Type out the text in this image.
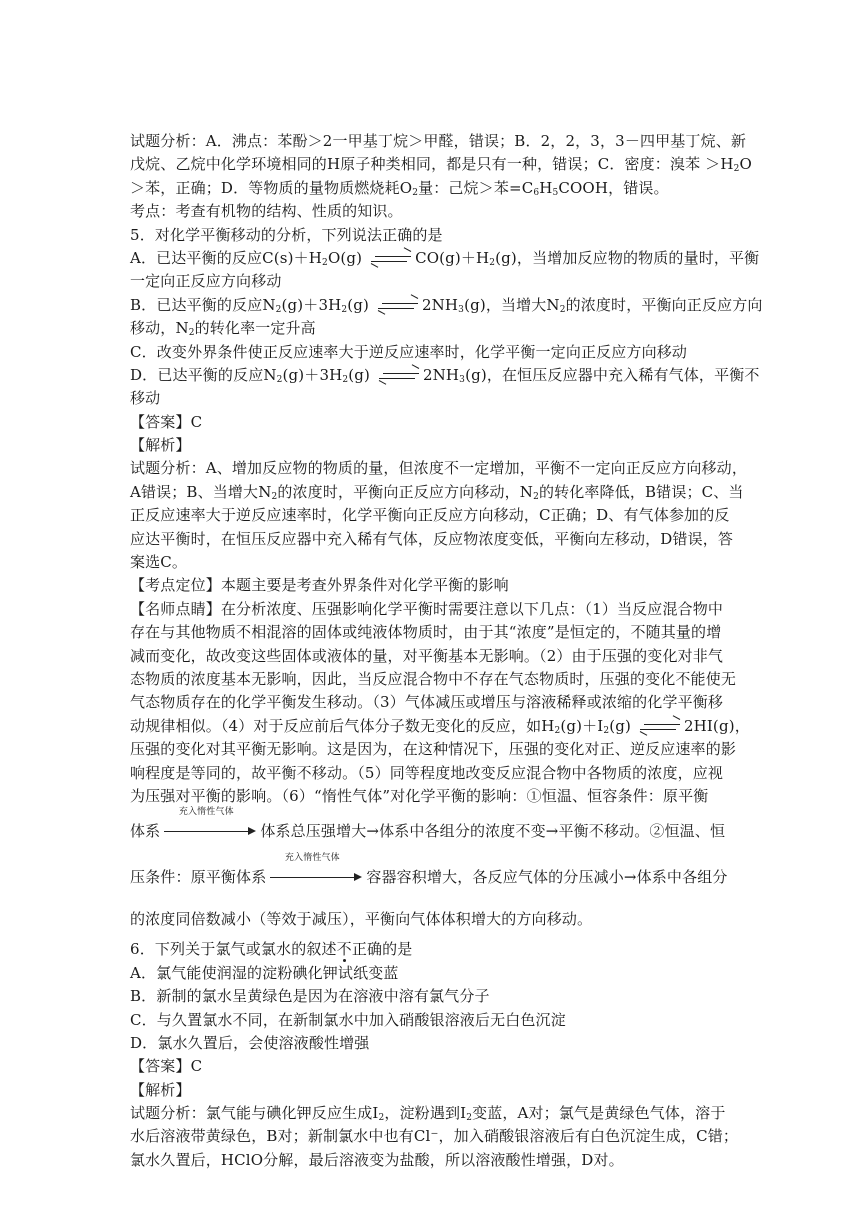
试题分析：A．沸点：苯酚＞2一甲基丁烷＞甲醛，错误；B．2，2，3，3－四甲基丁烷、新
戊烷、乙烷中化学环境相同的H原子种类相同，都是只有一种，错误；C．密度：溴苯 $>H_2O$
＞苯，正确；D．等物质的量物质燃烧耗$O_2$量：己烷＞苯$=C_6H_5COOH$，错误。
考点：考查有机物的结构、性质的知识。
5．对化学平衡移动的分析，下列说法正确的是
A．已达平衡的反应$C(s)+H_2O(g)$ ⇌ $CO(g)+H_2(g)$，当增加反应物的物质的量时，平衡
一定向正反应方向移动
B．已达平衡的反应$N_2(g)+3H_2(g)$ ⇌ $2NH_3(g)$，当增大$N_2$的浓度时，平衡向正反应方向
移动，$N_2$的转化率一定升高
C．改变外界条件使正反应速率大于逆反应速率时，化学平衡一定向正反应方向移动
D．已达平衡的反应$N_2(g)+3H_2(g)$ ⇌ $2NH_3(g)$，在恒压反应器中充入稀有气体，平衡不
移动
【答案】C
【解析】
试题分析：A、增加反应物的物质的量，但浓度不一定增加，平衡不一定向正反应方向移动，
A错误；B、当增大$N_2$的浓度时，平衡向正反应方向移动，$N_2$的转化率降低，B错误；C、当
正反应速率大于逆反应速率时，化学平衡向正反应方向移动，C正确；D、有气体参加的反
应达平衡时，在恒压反应器中充入稀有气体，反应物浓度变低，平衡向左移动，D错误，答
案选C。
【考点定位】本题主要是考查外界条件对化学平衡的影响
【名师点睛】在分析浓度、压强影响化学平衡时需要注意以下几点：（1）当反应混合物中
存在与其他物质不相混溶的固体或纯液体物质时，由于其“浓度”是恒定的，不随其量的增
减而变化，故改变这些固体或液体的量，对平衡基本无影响。（2）由于压强的变化对非气
态物质的浓度基本无影响，因此，当反应混合物中不存在气态物质时，压强的变化不能使无
气态物质存在的化学平衡发生移动。（3）气体减压或增压与溶液稀释或浓缩的化学平衡移
动规律相似。（4）对于反应前后气体分子数无变化的反应，如$H_2(g)+I_2(g)$ ⇌ 2HI(g)，
压强的变化对其平衡无影响。这是因为，在这种情况下，压强的变化对正、逆反应速率的影
响程度是等同的，故平衡不移动。（5）同等程度地改变反应混合物中各物质的浓度，应视
为压强对平衡的影响。（6）“惰性气体”对化学平衡的影响：①恒温、恒容条件：原平衡
体系
充入惰性气体
体系总压强增大→体系中各组分的浓度不变→平衡不移动。②恒温、恒
压条件：原平衡体系
充入惰性气体
容器容积增大，各反应气体的分压减小→体系中各组分
的浓度同倍数减小（等效于减压），平衡向气体体积增大的方向移动。
6．下列关于氯气或氯水的叙述不正确的是
A．氯气能使润湿的淀粉碘化钾试纸变蓝
B．新制的氯水呈黄绿色是因为在溶液中溶有氯气分子
C．与久置氯水不同，在新制氯水中加入硝酸银溶液后无白色沉淀
D．氯水久置后，会使溶液酸性增强
【答案】C
【解析】
试题分析：氯气能与碘化钾反应生成$I_2$，淀粉遇到$I_2$变蓝，A对；氯气是黄绿色气体，溶于
水后溶液带黄绿色，B对；新制氯水中也有Cl⁻，加入硝酸银溶液后有白色沉淀生成，C错；
氯水久置后，HClO分解，最后溶液变为盐酸，所以溶液酸性增强，D对。
